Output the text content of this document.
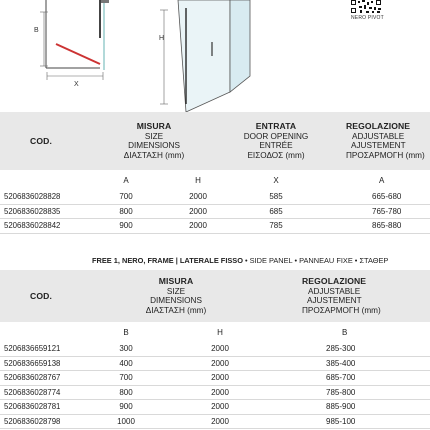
B
X
H
NERO PIVOT
COD.	MISURA
SIZE
DIMENSIONS
ΔΙΑΣΤΑΣΗ (mm)		ENTRATA
DOOR OPENING
ENTRÉE
ΕΙΣΟΔΟΣ (mm)	REGOLAZIONE
ADJUSTABLE
AJUSTEMENT
ΠΡΟΣΑΡΜΟΓΗ (mm)

	A	H	X	A
5206836028828	700	2000	585	665-680
5206836028835	800	2000	685	765-780
5206836028842	900	2000	785	865-880
FREE 1, NERO, FRAME | LATERALE FISSO • SIDE PANEL • PANNEAU FIXE • ΣΤΑΘΕΡ
COD.	MISURA
SIZE
DIMENSIONS
ΔΙΑΣΤΑΣΗ (mm)		REGOLAZIONE
ADJUSTABLE
AJUSTEMENT
ΠΡΟΣΑΡΜΟΓΗ (mm)

	B	H	B
5206836659121	300	2000	285-300
5206836659138	400	2000	385-400
5206836028767	700	2000	685-700
5206836028774	800	2000	785-800
5206836028781	900	2000	885-900
5206836028798	1000	2000	985-100
